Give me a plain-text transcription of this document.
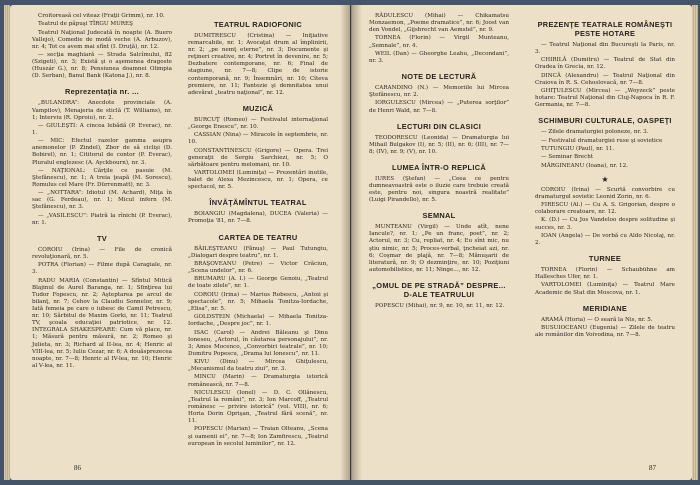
Croitoreasă cel viteaz (Fraţii Grimm), nr. 10.
Teatrul de păpuşi TÎRGU MUREŞ
Teatrul Naţional Judecată în noapte (A. Buero Vallejo), Comedie de modă veche (A. Arbuzov), nr. 4; Tot ce avem mai sfînt (I. Druţă), nr. 12.
— secţia maghiară — Strada Salcîmului, 82 (Szigeti), nr. 3; Există şi o aşemenea dragoste (Huszár G.), nr. 8; Pensiunea doamnei Olimpia (D. Serban), Banul Bank (Katona J.), nr. 8.
Reprezentaţia nr. ...
„BULANDRA”: Anecdote provinciale (A. Vampilov), Menajeria de sticlă (T. Williams), nr. 1; Interviu (R. Oproiu), nr. 2.
— GIULEŞTI: A cincea lebădă (P. Everac), nr. 1.
— MIC: Efectul razelor gamma asupra anemonelor (P. Zindel), Zbor de să ciclişi (D. Bobirel), nr. 1; Cititorul de contor (P. Everac), Pluralul englezesc (A. Ayckbourn), nr. 3.
— NAŢIONAL: Cărţile ce pasuie (M. Ştefănescu), nr. 1; A treia ţeapă (M. Sorescu), Romulus cel Mare (Fr. Dürrenmatt), nr. 3.
— „NOTTARA”: Idiotul (M. Achard), Miţa în sac (G. Ferdeau), nr. 1; Micul infern (M. Ştefănescu), nr. 3.
— „VASILESCU”: Piatră la rînichi (P. Everac), nr. 1.
TV
COROIU (Irina) — File de cronică revoluţionară, nr. 5.
POTRA (Florian) — Filme după Caragiale, nr. 3.
RADU MARIA (Constantin) — Sfîntul Mitică Blajinul de Aurel Baranga, nr. 1; Sfinţirea lui Tudor Fopescu, nr. 2; Aşteptarea pe arcul de bilanţ, nr. 7; Cehov la Claudiu Sonnelor, nr. 9; Iată femeia pe care o iubesc de Camil Petrescu, nr. 10; Sărbitul de Maxim Gorki, nr. 11; Teatrul TV, şcoala educaţiei patriotice, nr. 12. INTEGRALA SHAKESPEARE: Cum vă place, nr. 1; Măsură pentru măsură, nr. 2; Romeo şi Julieta, nr. 3; Richard al II-lea, nr. 4; Henric al VIII-lea, nr. 5; Iuliu Cezar, nr. 6; A douăsprezecea noapte, nr. 7—8; Henric al IV-lea, nr. 10; Henric al V-lea, nr. 11.
TEATRUL RADIOFONIC
DUMITRESCU (Cristina) — Iniţiative remarcabile, nr. 1; Avocaţul drum al împlinirii, nr. 2; „pe nemţ eterne”, nr. 3; Documente şi reţineri creative, nr. 4; Portret în devenire, nr. 5; Dezbatere contemporane, nr. 6; Final de stagiune, nr. 7—8; Clipe de istorie contemporană, nr. 9; Însemnări, nr. 10; Cîteva premiere, nr. 11; Fantezie şi demnitatea unui adevărat „teatru naţional”, nr. 12.
MUZICĂ
BURCUŢ (Romeo) — Festivalul internaţional „George Enescu”, nr. 10.
CASSIAN (Nina) — Miracole în septembrie, nr. 10.
CONSTANTINESCU (Grigore) — Opera. Trei generaţii de Sergiu Sarchiezi, nr. 5; O sărbătoare pentru melomani, nr. 10.
VARTOLOMEI (Luminiţa) — Prezentări inutile, balet de Alexa Mezincescu, nr. 1; Opera, ce spectacol, nr. 5.
ÎNVĂŢĂMÎNTUL TEATRAL
BOIANGIU (Magdalena), DUCEA (Valeria) — Promoţia '81, nr. 7—8.
CARTEA DE TEATRU
BĂILEŞTEANU (Fănuş) — Paul Tutungiu, „Dialogari despre teatru”, nr. 1.
BRAŞOVEANU (Petre) — Victor Crăciun, „Scena undelor”, nr. 6.
BRUMARU (A. I.) — George Genoiu, „Teatrul de toate zilele”, nr. 1.
COROIU (Irina) — Marius Robescu, „Antoii şi spectacole”, nr. 5; Mihaela Tonitza-Iordache, „Elisa”, nr. 5.
GOLDSTEIN (Michaela) — Mihaela Tonitza-Iordache, „Despre joc”, nr. 1.
ISAC (Carol) — Andrei Băleanu şi Dinu Ioneseu, „Actorul, în căutarea personajului”, nr. 3; Amos Mocenco, „Convorbiri teatrale”, nr. 10; Dumitru Popescu, „Drama lui Ionescu”, nr. 11.
KIVU (Dinu) — Mircea Ghiţulescu, „Mecanismul da teatru ziui”, nr. 3.
MINCU (Marin) — Dramaturgia istorică românească, nr. 7—8.
NICULESCU (Ionel) — D. C. Ollănescu, „Teatrul la români”, nr. 3; Ion Marcoff, „Teatrul românesc — privire istorică” (vol. VIII), nr. 6; Horia Dorin Oprişan, „Teatrul fără scenă”, nr. 11.
POPESCU (Marian) — Traian Olteanu, „Scena şi oamenii ei”, nr. 7—8; Ion Zamfirescu, „Teatrul european în secolul luminilor”, nr. 12.
86
RĂDULESCU (Mihai) — Chikamatsu Monzaemon, „Poeme dramatice”, nr. 6; Joost van den Vondel, „Gijsbrecht van Aemstel”, nr. 9.
TORNEA (Florin) — Virgil Munteanu, „Semnale”, nr. 4.
WEIL (Dan) — Gheorghe Leahu, „Decondani”, nr. 3.
NOTE DE LECTURĂ
CARANDINO (N.) — Memoriile lui Mircea Ştefănescu, nr. 2.
IORGULESCU (Mircea) — „Puterea sorţilor” de Henri Wald, nr. 7—8.
LECTURI DIN CLASICI
TEODORESCU (Leonida) — Dramaturgia lui Mihail Bulgakov (I), nr. 5; (II), nr. 6; (III), nr. 7—8; (IV), nr. 9; (V), nr. 10.
LUMEA ÎNTR-O REPLICĂ
IURES (Ştefan) — „Ceea ce pentru dumneavoastră este o iluzie care trebuie creată este, pentru noi, singura noastră realitate” (Luigi Pirandello), nr. 5.
SEMNAL
MUNTEANU (Virgil) — Unde atît, nene Iancule?, nr. 1; „Pe un franc, poet”, nr. 2; Actorul, nr. 3; Cu, repliat, nr. 4; Eu sînt mic, nu ştiu nimic, nr. 5; Proces-verbal, ţncheiat azi, nr. 6; Coşmar de plajă, nr. 7—8; Mănuşarii de literatură, nr. 9; O dezminţire, nr. 10; Poziţiuni automobilistice, nr. 11; Ninge..., nr. 12.
„OMUL DE PE STRADĂ” DESPRE... D-ALE TEATRULUI
POPESCU (Mihai), nr. 9, nr. 10, nr. 11, nr. 12.
PREZENŢE TEATRALE ROMÂNEŞTI PESTE HOTARE
— Teatrul Naţional din Bucureşti la Paris, nr. 3.
CHIRILĂ (Dumitru) — Teatrul de Stat din Oradea în Grecia, nr. 12.
DINCĂ (Alexandru) — Teatrul Naţional din Craiova în R. S. Cehoslovacă, nr. 7—8.
GHIŢULESCU (Mircea) — „Woyzeck” peste hotare: Teatrul Naţional din Cluj-Napoca în R. F. Germania, nr. 7—8.
SCHIMBURI CULTURALE, OASPEŢI
— Zilele dramaturgiei poloneze, nr. 3.
— Festivalul dramaturgiei ruse şi sovietice
TUTUNGIU (Paul), nr. 11.
— Seminar Brecht
MĂRGINEANU (Ioana), nr. 12.
★
COROIU (Irina) — Scurtă convorbire cu dramaturgul sovietic Leonid Zorin, nr. 6.
FIRESCU (Al.) — Cu A. S. Grigorian, despre o colaborare creatoare, nr. 12.
K. (D.) — Cu Jos Vandeloo despre solitudine şi succes, nr. 3.
IOAN (Angela) — De vorbă cu Aldo Nicolaj, nr. 2.
TURNEE
TORNEA (Florin) — Schaubühne am Hallesches Ufer, nr. 1.
VARTOLOMEI (Luminiţa) — Teatrul Mare Academic de Stat din Moscova, nr. 1.
MERIDIANE
ARAMĂ (Horia) — O seară la Nis, nr. 5.
BUSUIOCEANU (Eugenia) — Zilele de teatru ale românilor din Voivodina, nr. 7—8.
87
